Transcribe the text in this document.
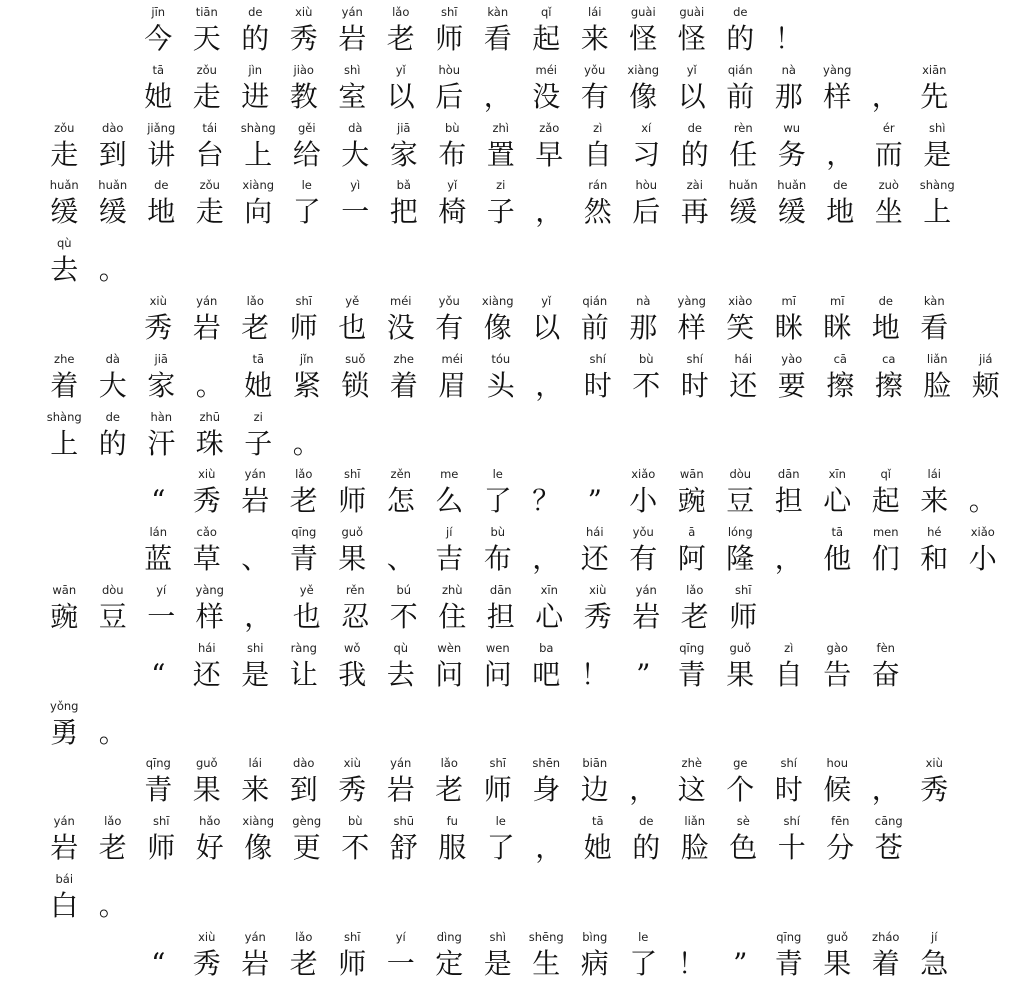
jīn
今
tiān
天
de
的
xiù
秀
yán
岩
lǎo
老
shī
师
kàn
看
qǐ
起
lái
来
guài
怪
guài
怪
de
的 ！
tā
她
zǒu
走
jìn
进
jiào
教
shì
室
yǐ
以
hòu
后 ，
méi
没
yǒu
有
xiàng
像
yǐ
以
qián
前
nà
那
yàng
样 ，
xiān
先
zǒu
走
dào
到
jiǎng
讲
tái
台
shàng
上
gěi
给
dà
大
jiā
家
bù
布
zhì
置
zǎo
早
zì
自
xí
习
de
的
rèn
任
wu
务 ，
ér
而
shì
是
huǎn
缓
huǎn
缓
de
地
zǒu
走
xiàng
向
le
了
yì
一
bǎ
把
yǐ
椅
zi
子 ，
rán
然
hòu
后
zài
再
huǎn
缓
huǎn
缓
de
地
zuò
坐
shàng
上
qù
去 。
xiù
秀
yán
岩
lǎo
老
shī
师
yě
也
méi
没
yǒu
有
xiàng
像
yǐ
以
qián
前
nà
那
yàng
样
xiào
笑
mī
眯
mī
眯
de
地
kàn
看
zhe
着
dà
大
jiā
家 。
tā
她
jǐn
紧
suǒ
锁
zhe
着
méi
眉
tóu
头 ，
shí
时
bù
不
shí
时
hái
还
yào
要
cā
擦
ca
擦
liǎn
脸
jiá
颊
shàng
上
de
的
hàn
汗
zhū
珠
zi
子 。
“
xiù
秀
yán
岩
lǎo
老
shī
师
zěn
怎
me
么
le
了 ？ ”
xiǎo
小
wān
豌
dòu
豆
dān
担
xīn
心
qǐ
起
lái
来 。
lán
蓝
cǎo
草 、
qīng
青
guǒ
果 、
jí
吉
bù
布 ，
hái
还
yǒu
有
ā
阿
lóng
隆 ，
tā
他
men
们
hé
和
xiǎo
小
wān
豌
dòu
豆
yí
一
yàng
样 ，
yě
也
rěn
忍
bú
不
zhù
住
dān
担
xīn
心
xiù
秀
yán
岩
lǎo
老
shī
师
“
hái
还
shi
是
ràng
让
wǒ
我
qù
去
wèn
问
wen
问
ba
吧 ！ ”
qīng
青
guǒ
果
zì
自
gào
告
fèn
奋
yǒng
勇 。
qīng
青
guǒ
果
lái
来
dào
到
xiù
秀
yán
岩
lǎo
老
shī
师
shēn
身
biān
边 ，
zhè
这
ge
个
shí
时
hou
候 ，
xiù
秀
yán
岩
lǎo
老
shī
师
hǎo
好
xiàng
像
gèng
更
bù
不
shū
舒
fu
服
le
了 ，
tā
她
de
的
liǎn
脸
sè
色
shí
十
fēn
分
cāng
苍
bái
白 。
“
xiù
秀
yán
岩
lǎo
老
shī
师
yí
一
dìng
定
shì
是
shēng
生
bìng
病
le
了 ！ ”
qīng
青
guǒ
果
zháo
着
jí
急
